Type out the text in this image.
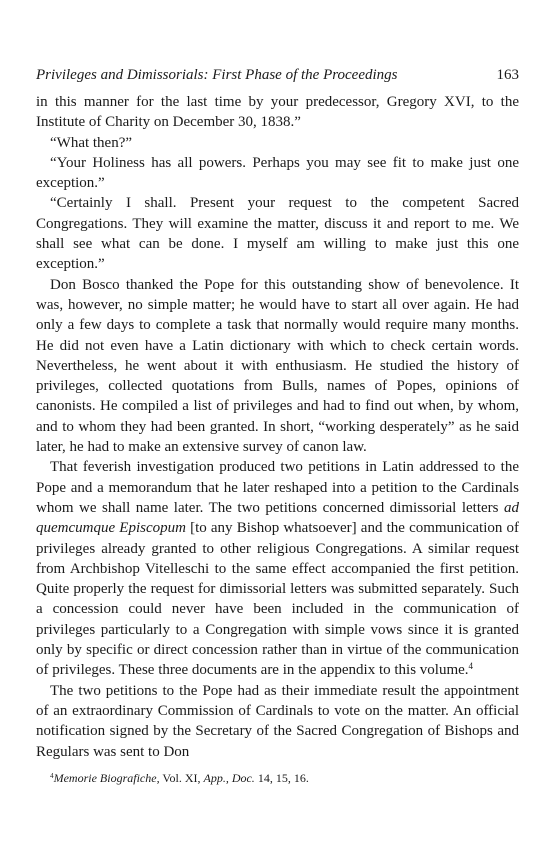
Privileges and Dimissorials: First Phase of the Proceedings	163

in this manner for the last time by your predecessor, Gregory XVI, to the Institute of Charity on December 30, 1838.”

“What then?”

“Your Holiness has all powers. Perhaps you may see fit to make just one exception.”

“Certainly I shall. Present your request to the competent Sacred Congregations. They will examine the matter, discuss it and report to me. We shall see what can be done. I myself am willing to make just this one exception.”

Don Bosco thanked the Pope for this outstanding show of benevolence. It was, however, no simple matter; he would have to start all over again. He had only a few days to complete a task that normally would require many months. He did not even have a Latin dictionary with which to check certain words. Nevertheless, he went about it with enthusiasm. He studied the history of privileges, collected quotations from Bulls, names of Popes, opinions of canonists. He compiled a list of privileges and had to find out when, by whom, and to whom they had been granted. In short, “working desperately” as he said later, he had to make an extensive survey of canon law.

That feverish investigation produced two petitions in Latin addressed to the Pope and a memorandum that he later reshaped into a petition to the Cardinals whom we shall name later. The two petitions concerned dimissorial letters ad quemcumque Episcopum [to any Bishop whatsoever] and the communication of privileges already granted to other religious Congregations. A similar request from Archbishop Vitelleschi to the same effect accompanied the first petition. Quite properly the request for dimissorial letters was submitted separately. Such a concession could never have been included in the communication of privileges particularly to a Congregation with simple vows since it is granted only by specific or direct concession rather than in virtue of the communication of privileges. These three documents are in the appendix to this volume.$^4$

The two petitions to the Pope had as their immediate result the appointment of an extraordinary Commission of Cardinals to vote on the matter. An official notification signed by the Secretary of the Sacred Congregation of Bishops and Regulars was sent to Don

$^4$Memorie Biografiche, Vol. XI, App., Doc. 14, 15, 16.
